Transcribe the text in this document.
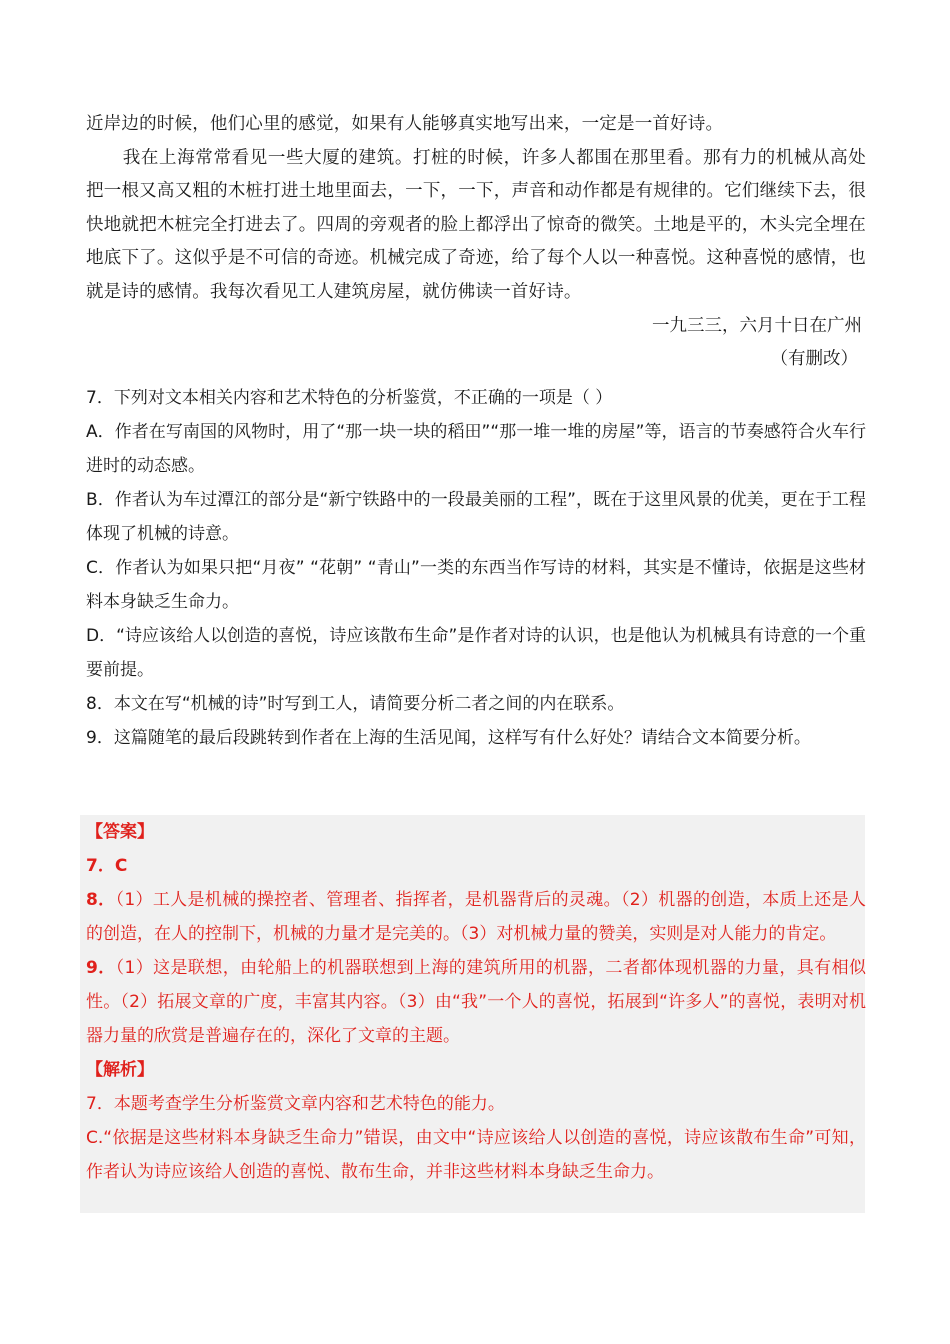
近岸边的时候，他们心里的感觉，如果有人能够真实地写出来，一定是一首好诗。

我在上海常常看见一些大厦的建筑。打桩的时候，许多人都围在那里看。那有力的机械从高处把一根又高又粗的木桩打进土地里面去，一下，一下，声音和动作都是有规律的。它们继续下去，很快地就把木桩完全打进去了。四周的旁观者的脸上都浮出了惊奇的微笑。土地是平的，木头完全埋在地底下了。这似乎是不可信的奇迹。机械完成了奇迹，给了每个人以一种喜悦。这种喜悦的感情，也就是诗的感情。我每次看见工人建筑房屋，就仿佛读一首好诗。

一九三三，六月十日在广州
（有删改）

7．下列对文本相关内容和艺术特色的分析鉴赏，不正确的一项是（ ）

A．作者在写南国的风物时，用了“那一块一块的稻田”“那一堆一堆的房屋”等，语言的节奏感符合火车行进时的动态感。

B．作者认为车过潭江的部分是“新宁铁路中的一段最美丽的工程”，既在于这里风景的优美，更在于工程体现了机械的诗意。

C．作者认为如果只把“月夜” “花朝” “青山”一类的东西当作写诗的材料，其实是不懂诗，依据是这些材料本身缺乏生命力。

D．“诗应该给人以创造的喜悦，诗应该散布生命”是作者对诗的认识，也是他认为机械具有诗意的一个重要前提。

8．本文在写“机械的诗”时写到工人，请简要分析二者之间的内在联系。

9．这篇随笔的最后段跳转到作者在上海的生活见闻，这样写有什么好处？请结合文本简要分析。

【答案】

7．C

8．（1）工人是机械的操控者、管理者、指挥者，是机器背后的灵魂。（2）机器的创造，本质上还是人的创造，在人的控制下，机械的力量才是完美的。（3）对机械力量的赞美，实则是对人能力的肯定。

9．（1）这是联想，由轮船上的机器联想到上海的建筑所用的机器，二者都体现机器的力量，具有相似性。（2）拓展文章的广度，丰富其内容。（3）由“我”一个人的喜悦，拓展到“许多人”的喜悦，表明对机器力量的欣赏是普遍存在的，深化了文章的主题。

【解析】

7．本题考查学生分析鉴赏文章内容和艺术特色的能力。

C.“依据是这些材料本身缺乏生命力”错误，由文中“诗应该给人以创造的喜悦，诗应该散布生命”可知，作者认为诗应该给人创造的喜悦、散布生命，并非这些材料本身缺乏生命力。
